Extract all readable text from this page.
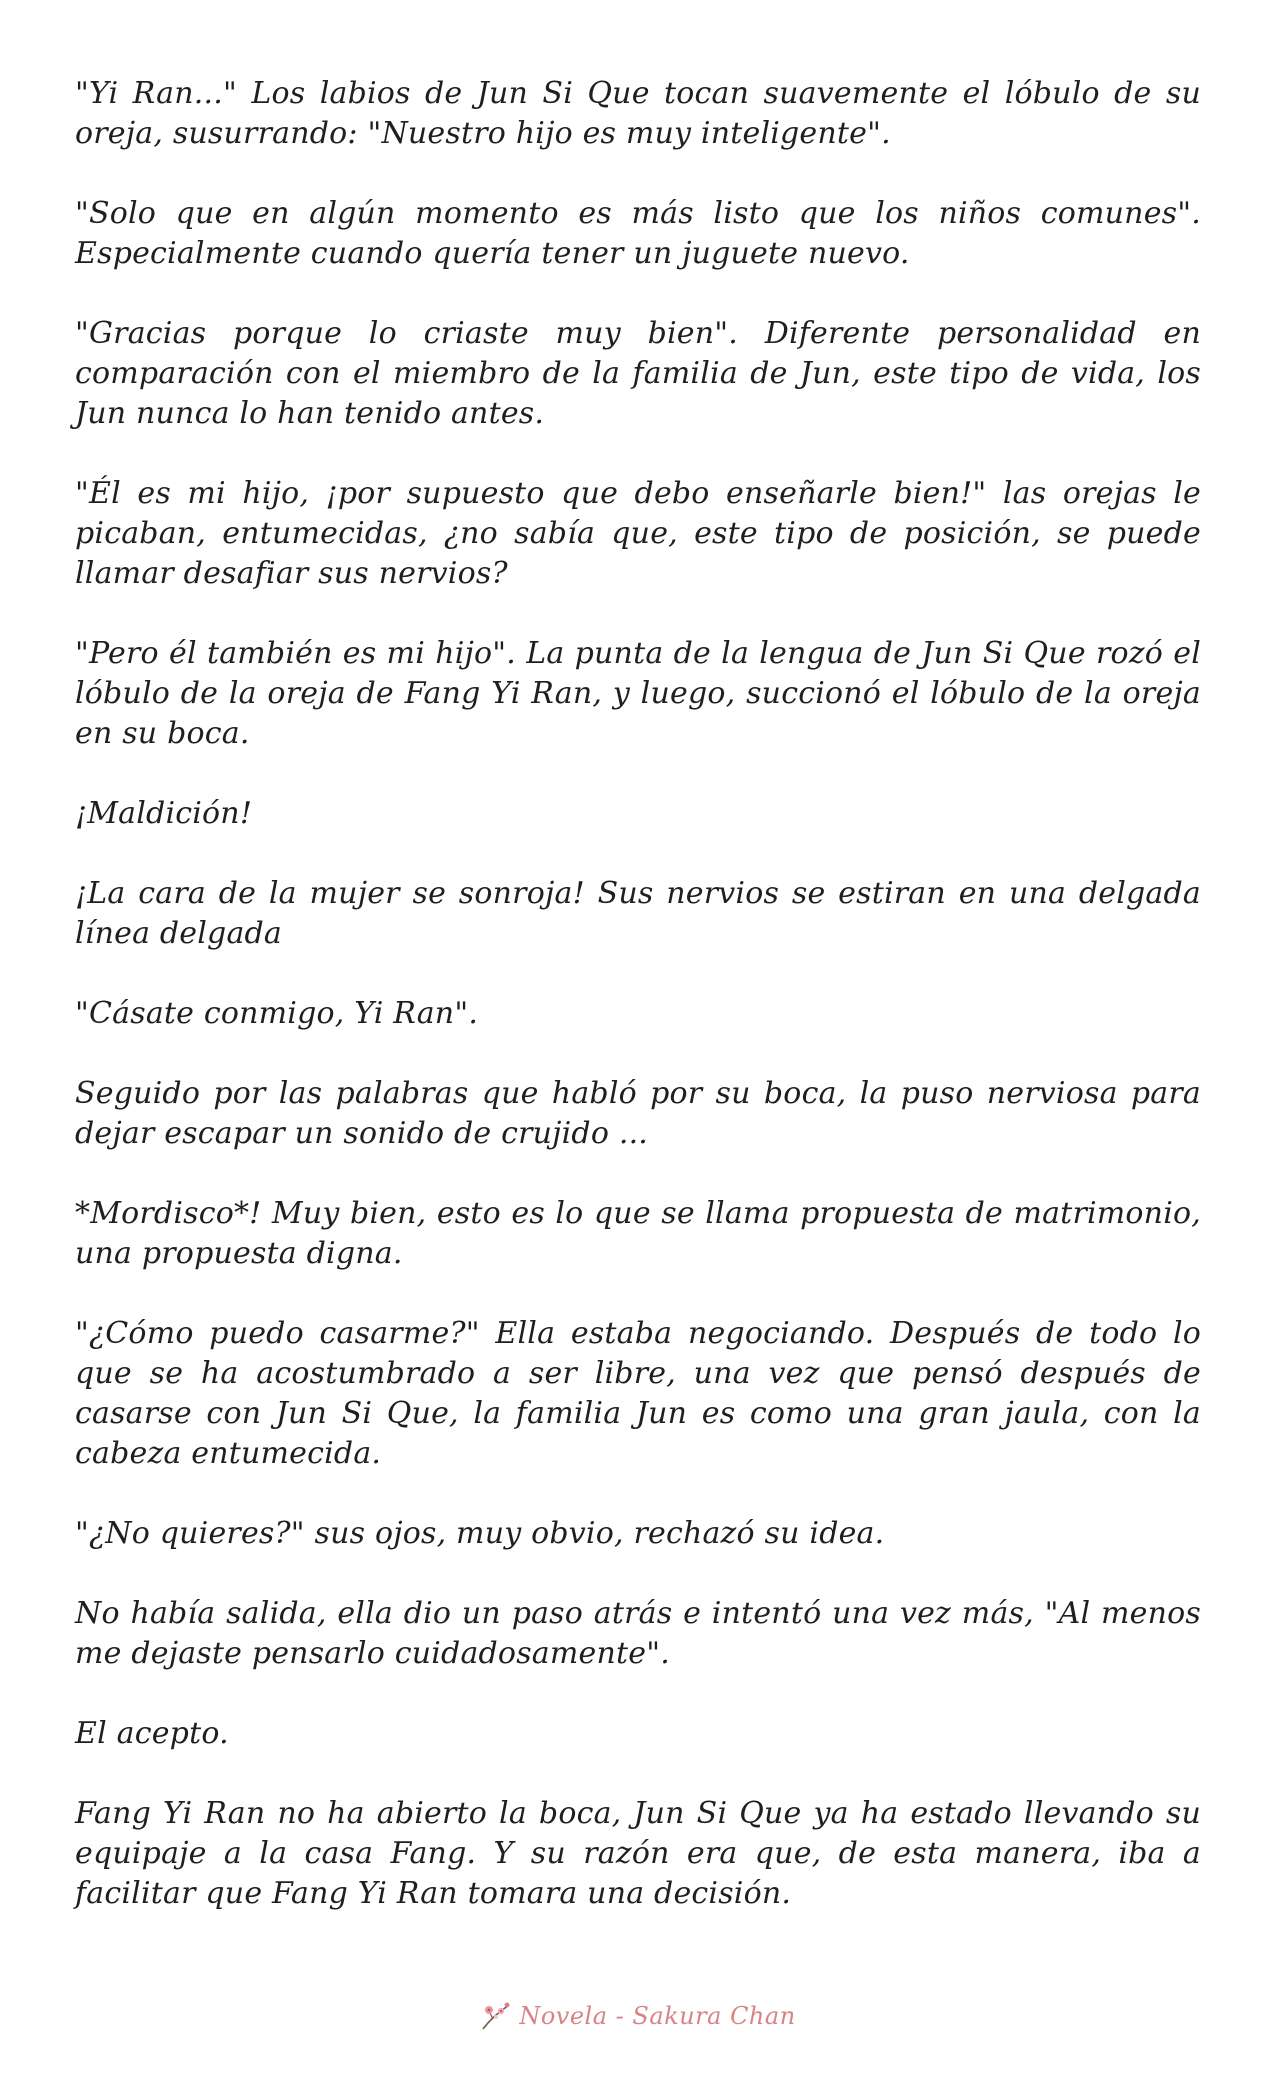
"Yi Ran..." Los labios de Jun Si Que tocan suavemente el lóbulo de su oreja, susurrando: "Nuestro hijo es muy inteligente".

"Solo que en algún momento es más listo que los niños comunes". Especialmente cuando quería tener un juguete nuevo.

"Gracias porque lo criaste muy bien". Diferente personalidad en comparación con el miembro de la familia de Jun, este tipo de vida, los Jun nunca lo han tenido antes.

"Él es mi hijo, ¡por supuesto que debo enseñarle bien!" las orejas le picaban, entumecidas, ¿no sabía que, este tipo de posición, se puede llamar desafiar sus nervios?

"Pero él también es mi hijo". La punta de la lengua de Jun Si Que rozó el lóbulo de la oreja de Fang Yi Ran, y luego, succionó el lóbulo de la oreja en su boca.

¡Maldición!

¡La cara de la mujer se sonroja! Sus nervios se estiran en una delgada línea delgada

"Cásate conmigo, Yi Ran".

Seguido por las palabras que habló por su boca, la puso nerviosa para dejar escapar un sonido de crujido ...

*Mordisco*! Muy bien, esto es lo que se llama propuesta de matrimonio, una propuesta digna.

"¿Cómo puedo casarme?" Ella estaba negociando. Después de todo lo que se ha acostumbrado a ser libre, una vez que pensó después de casarse con Jun Si Que, la familia Jun es como una gran jaula, con la cabeza entumecida.

"¿No quieres?" sus ojos, muy obvio, rechazó su idea.

No había salida, ella dio un paso atrás e intentó una vez más, "Al menos me dejaste pensarlo cuidadosamente".

El acepto.

Fang Yi Ran no ha abierto la boca, Jun Si Que ya ha estado llevando su equipaje a la casa Fang. Y su razón era que, de esta manera, iba a facilitar que Fang Yi Ran tomara una decisión.

Novela - Sakura Chan
